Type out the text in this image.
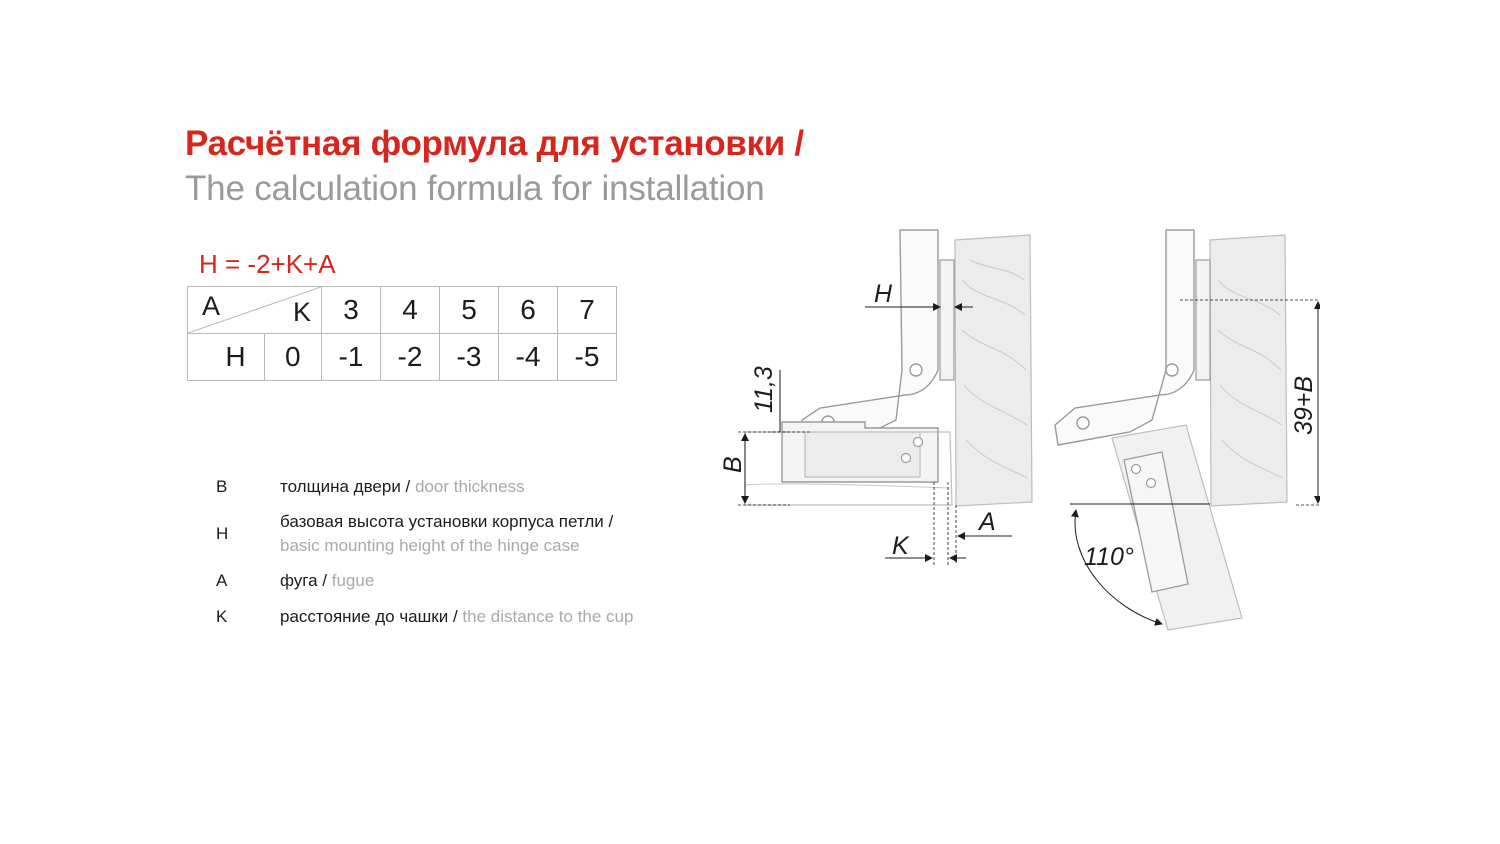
Расчётная формула для установки /
The calculation formula for installation
H = -2+K+A
A K		3	4	5	6	7
H	0	-1	-2	-3	-4	-5
B	толщина двери / door thickness
H
базовая высота установки корпуса петли /
basic mounting height of the hinge case
A	фуга / fugue
K	расстояние до чашки / the distance to the cup
H
11,3
B
A
K
39+B
110°
